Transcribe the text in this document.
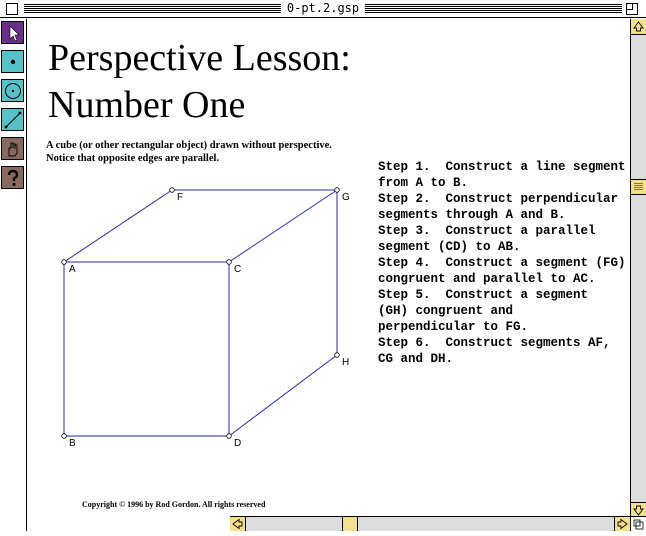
0-pt.2.gsp
Perspective Lesson:
Number One
A cube (or other rectangular object) drawn without perspective.
Notice that opposite edges are parallel.
A
B
C
D
F	G
H
Step 1.  Construct a line segment
from A to B.
Step 2.  Construct perpendicular
segments through A and B.
Step 3.  Construct a parallel
segment (CD) to AB.
Step 4.  Construct a segment (FG)
congruent and parallel to AC.
Step 5.  Construct a segment
(GH) congruent and
perpendicular to FG.
Step 6.  Construct segments AF,
CG and DH.
Copyright © 1996 by Rod Gordon. All rights reserved
